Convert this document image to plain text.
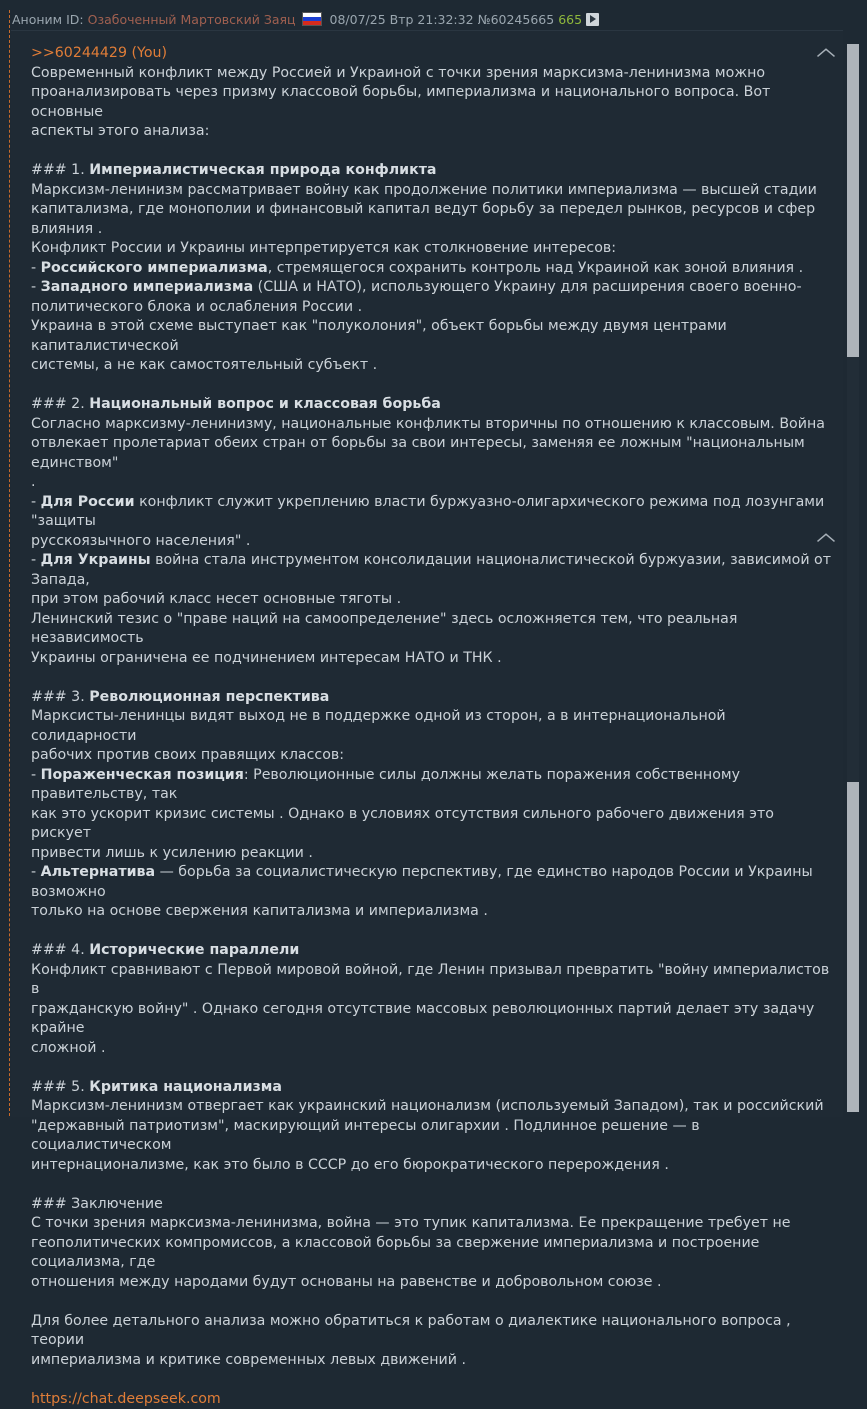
Аноним ID: Озабоченный Мартовский Заяц	08/07/25 Втр 21:32:32 №60245665 665

>>60244429 (You)

Современный конфликт между Россией и Украиной с точки зрения марксизма-ленинизма можно

проанализировать через призму классовой борьбы, империализма и национального вопроса. Вот основные

аспекты этого анализа:

### 1. Империалистическая природа конфликта

Марксизм-ленинизм рассматривает войну как продолжение политики империализма — высшей стадии

капитализма, где монополии и финансовый капитал ведут борьбу за передел рынков, ресурсов и сфер влияния .

Конфликт России и Украины интерпретируется как столкновение интересов:

- Российского империализма, стремящегося сохранить контроль над Украиной как зоной влияния .

- Западного империализма (США и НАТО), использующего Украину для расширения своего военно-

политического блока и ослабления России .

Украина в этой схеме выступает как "полуколония", объект борьбы между двумя центрами капиталистической

системы, а не как самостоятельный субъект .

### 2. Национальный вопрос и классовая борьба

Согласно марксизму-ленинизму, национальные конфликты вторичны по отношению к классовым. Война

отвлекает пролетариат обеих стран от борьбы за свои интересы, заменяя ее ложным "национальным единством"

.

- Для России конфликт служит укреплению власти буржуазно-олигархического режима под лозунгами "защиты

русскоязычного населения" .

- Для Украины война стала инструментом консолидации националистической буржуазии, зависимой от Запада,

при этом рабочий класс несет основные тяготы .

Ленинский тезис о "праве наций на самоопределение" здесь осложняется тем, что реальная независимость

Украины ограничена ее подчинением интересам НАТО и ТНК .

### 3. Революционная перспектива

Марксисты-ленинцы видят выход не в поддержке одной из сторон, а в интернациональной солидарности

рабочих против своих правящих классов:

- Пораженческая позиция: Революционные силы должны желать поражения собственному правительству, так

как это ускорит кризис системы . Однако в условиях отсутствия сильного рабочего движения это рискует

привести лишь к усилению реакции .

- Альтернатива — борьба за социалистическую перспективу, где единство народов России и Украины возможно

только на основе свержения капитализма и империализма .

### 4. Исторические параллели

Конфликт сравнивают с Первой мировой войной, где Ленин призывал превратить "войну империалистов в

гражданскую войну" . Однако сегодня отсутствие массовых революционных партий делает эту задачу крайне

сложной .

### 5. Критика национализма

Марксизм-ленинизм отвергает как украинский национализм (используемый Западом), так и российский

"державный патриотизм", маскирующий интересы олигархии . Подлинное решение — в социалистическом

интернационализме, как это было в СССР до его бюрократического перерождения .

### Заключение

С точки зрения марксизма-ленинизма, война — это тупик капитализма. Ее прекращение требует не

геополитических компромиссов, а классовой борьбы за свержение империализма и построение социализма, где

отношения между народами будут основаны на равенстве и добровольном союзе .

Для более детального анализа можно обратиться к работам о диалектике национального вопроса , теории

империализма и критике современных левых движений .

https://chat.deepseek.com

︿
︿
